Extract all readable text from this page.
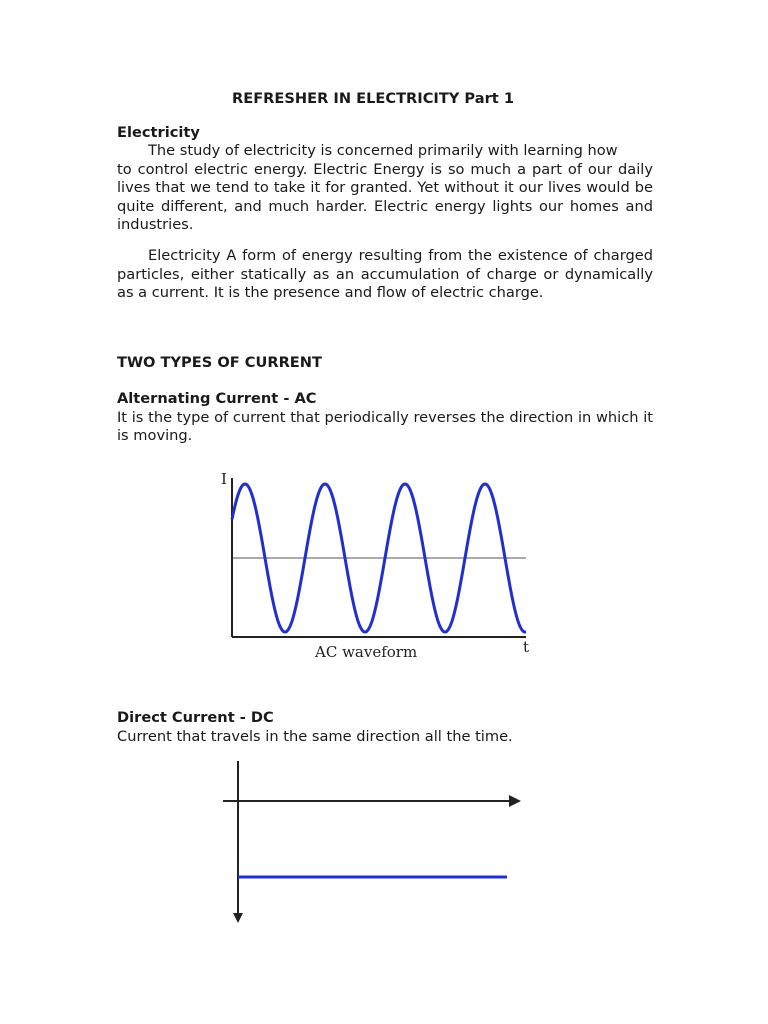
REFRESHER IN ELECTRICITY Part 1
Electricity
The study of electricity is concerned primarily with learning how
to control electric energy. Electric Energy is so much a part of our daily lives that we tend to take it for granted. Yet without it our lives would be quite different, and much harder. Electric energy lights our homes and industries.
Electricity A form of energy resulting from the existence of charged particles, either statically as an accumulation of charge or dynamically as a current. It is the presence and flow of electric charge.
TWO TYPES OF CURRENT
Alternating Current - AC
It is the type of current that periodically reverses the direction in which it is moving.
I
t
AC waveform
Direct Current - DC
Current that travels in the same direction all the time.
